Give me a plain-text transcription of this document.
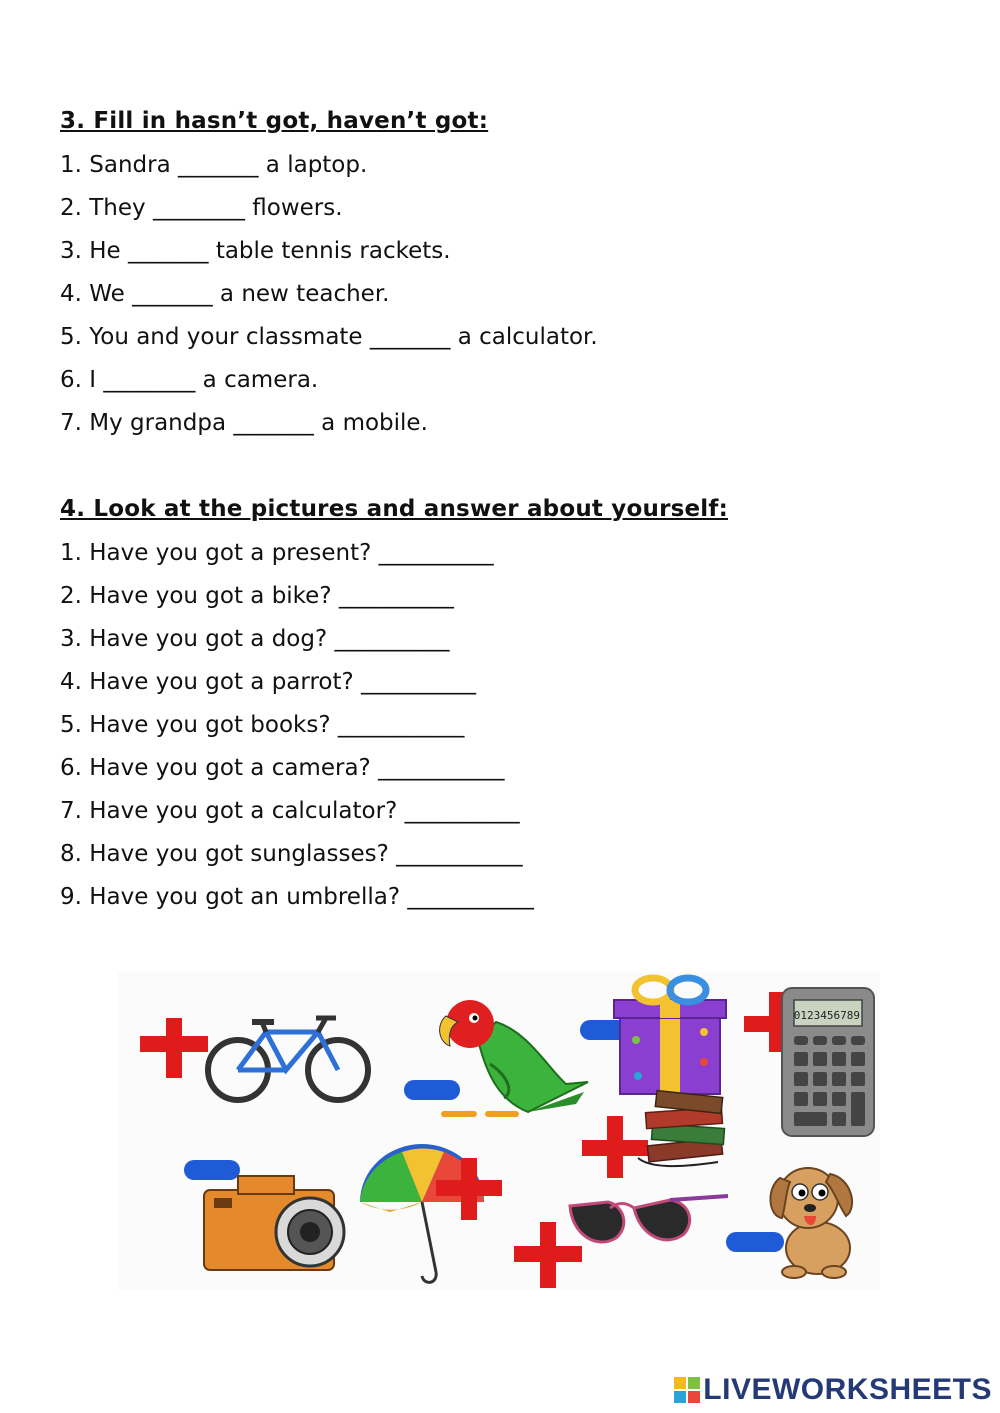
3. Fill in hasn’t got, haven’t got:
1. Sandra _______ a laptop.
2. They ________ flowers.
3. He _______ table tennis rackets.
4. We _______ a new teacher.
5. You and your classmate _______ a calculator.
6. I ________ a camera.
7. My grandpa _______ a mobile.
4. Look at the pictures and answer about yourself:
1. Have you got a present? __________
2. Have you got a bike? __________
3. Have you got a dog? __________
4. Have you got a parrot? __________
5. Have you got books? ___________
6. Have you got a camera? ___________
7. Have you got a calculator? __________
8. Have you got sunglasses? ___________
9. Have you got an umbrella? ___________
0123456789
LIVEWORKSHEETS
